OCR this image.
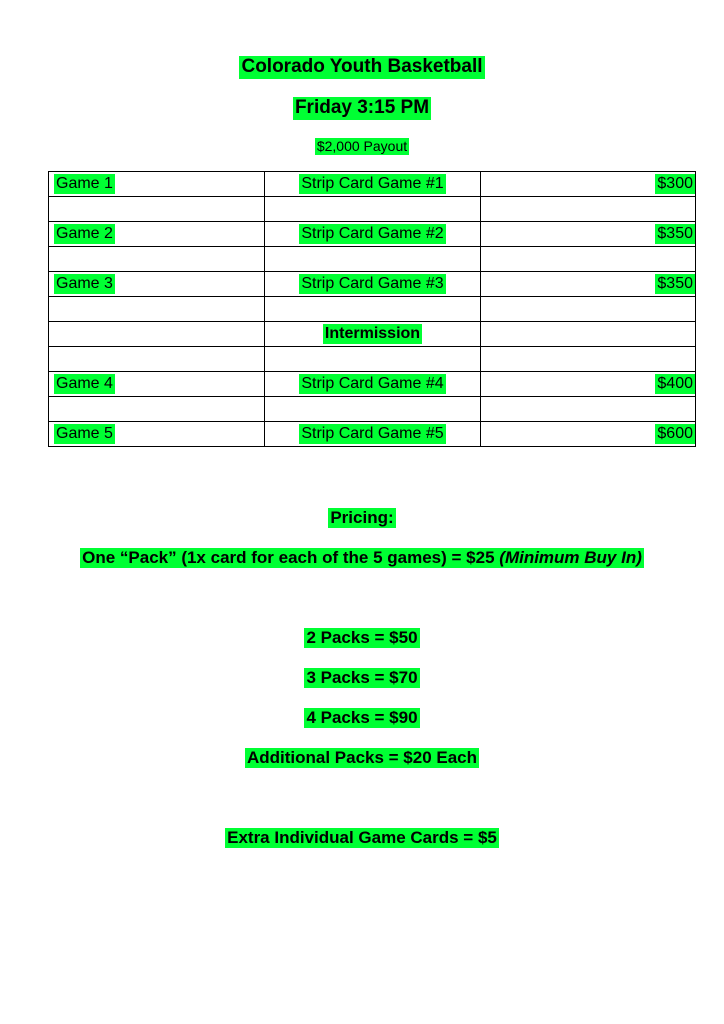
Colorado Youth Basketball
Friday 3:15 PM
$2,000 Payout
Game 1	Strip Card Game #1	$300

Game 2	Strip Card Game #2	$350

Game 3	Strip Card Game #3	$350

	Intermission	

Game 4	Strip Card Game #4	$400

Game 5	Strip Card Game #5	$600
Pricing:
One “Pack” (1x card for each of the 5 games) = $25 (Minimum Buy In)
2 Packs = $50
3 Packs = $70
4 Packs = $90
Additional Packs = $20 Each
Extra Individual Game Cards = $5
